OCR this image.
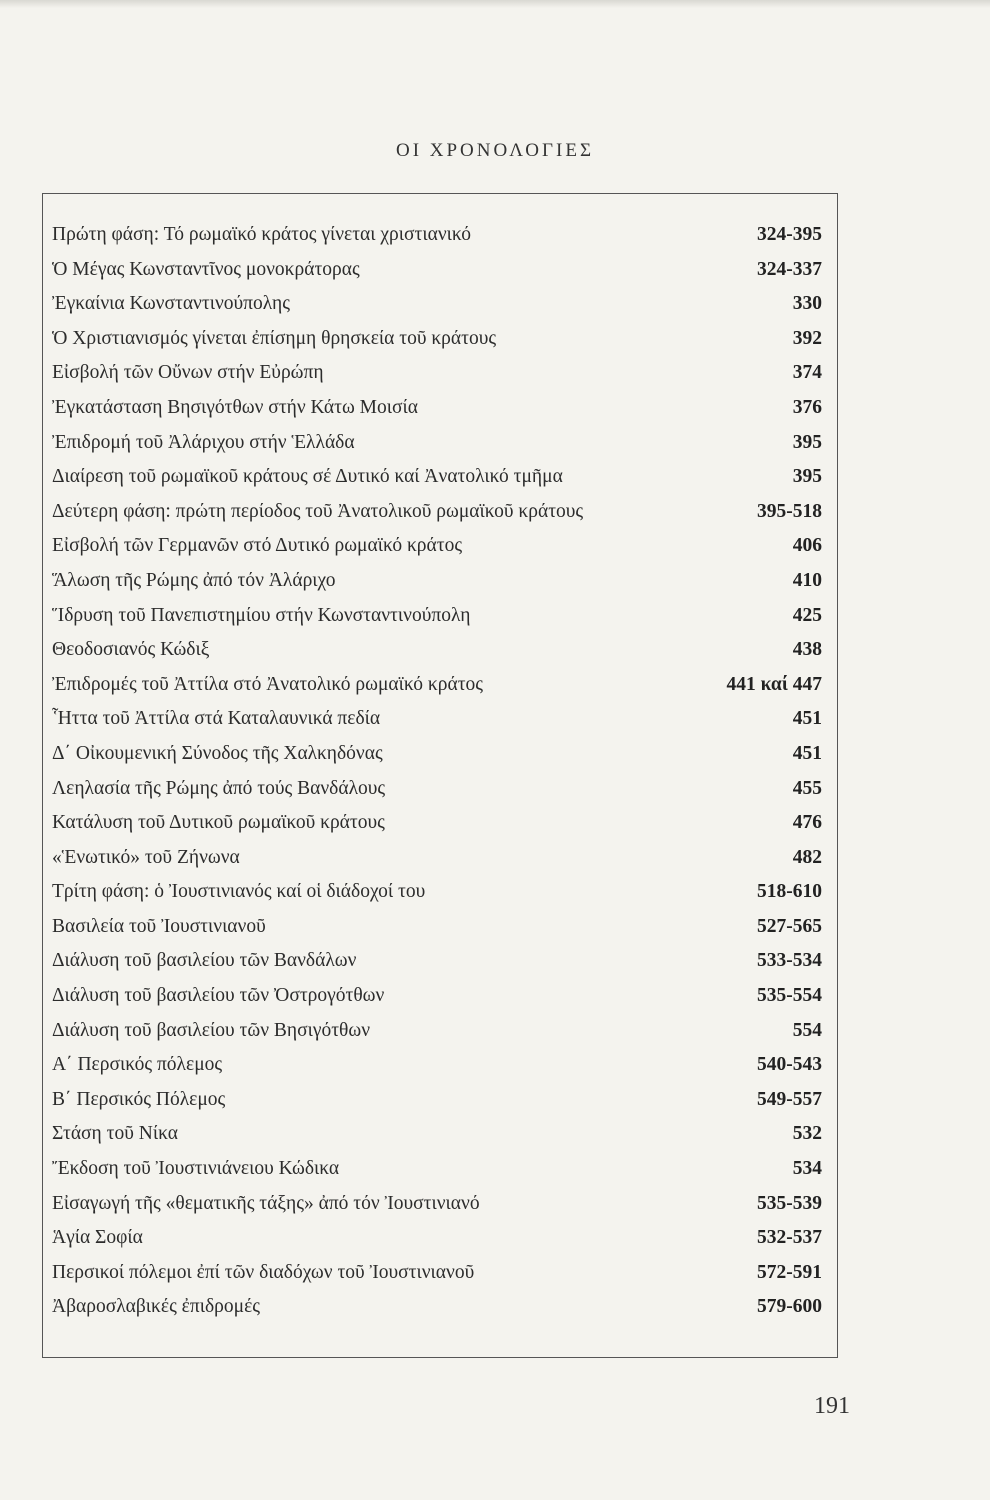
ΟΙ ΧΡΟΝΟΛΟΓΙΕΣ
Πρώτη φάση: Τό ρωμαϊκό κράτος γίνεται χριστιανικό	324-395
Ὁ Μέγας Κωνσταντῖνος μονοκράτορας	324-337
Ἐγκαίνια Κωνσταντινούπολης	330
Ὁ Χριστιανισμός γίνεται ἐπίσημη θρησκεία τοῦ κράτους	392
Εἰσβολή τῶν Οὔνων στήν Εὐρώπη	374
Ἐγκατάσταση Βησιγότθων στήν Κάτω Μοισία	376
Ἐπιδρομή τοῦ Ἀλάριχου στήν Ἑλλάδα	395
Διαίρεση τοῦ ρωμαϊκοῦ κράτους σέ Δυτικό καί Ἀνατολικό τμῆμα	395
Δεύτερη φάση: πρώτη περίοδος τοῦ Ἀνατολικοῦ ρωμαϊκοῦ κράτους	395-518
Εἰσβολή τῶν Γερμανῶν στό Δυτικό ρωμαϊκό κράτος	406
Ἅλωση τῆς Ρώμης ἀπό τόν Ἀλάριχο	410
Ἵδρυση τοῦ Πανεπιστημίου στήν Κωνσταντινούπολη	425
Θεοδοσιανός Κώδιξ	438
Ἐπιδρομές τοῦ Ἀττίλα στό Ἀνατολικό ρωμαϊκό κράτος	441 καί 447
Ἧττα τοῦ Ἀττίλα στά Καταλαυνικά πεδία	451
Δ΄ Οἰκουμενική Σύνοδος τῆς Χαλκηδόνας	451
Λεηλασία τῆς Ρώμης ἀπό τούς Βανδάλους	455
Κατάλυση τοῦ Δυτικοῦ ρωμαϊκοῦ κράτους	476
«Ἑνωτικό» τοῦ Ζήνωνα	482
Τρίτη φάση: ὁ Ἰουστινιανός καί οἱ διάδοχοί του	518-610
Βασιλεία τοῦ Ἰουστινιανοῦ	527-565
Διάλυση τοῦ βασιλείου τῶν Βανδάλων	533-534
Διάλυση τοῦ βασιλείου τῶν Ὀστρογότθων	535-554
Διάλυση τοῦ βασιλείου τῶν Βησιγότθων	554
Α΄ Περσικός πόλεμος	540-543
Β΄ Περσικός Πόλεμος	549-557
Στάση τοῦ Νίκα	532
Ἔκδοση τοῦ Ἰουστινιάνειου Κώδικα	534
Εἰσαγωγή τῆς «θεματικῆς τάξης» ἀπό τόν Ἰουστινιανό	535-539
Ἁγία Σοφία	532-537
Περσικοί πόλεμοι ἐπί τῶν διαδόχων τοῦ Ἰουστινιανοῦ	572-591
Ἀβαροσλαβικές ἐπιδρομές	579-600
191
